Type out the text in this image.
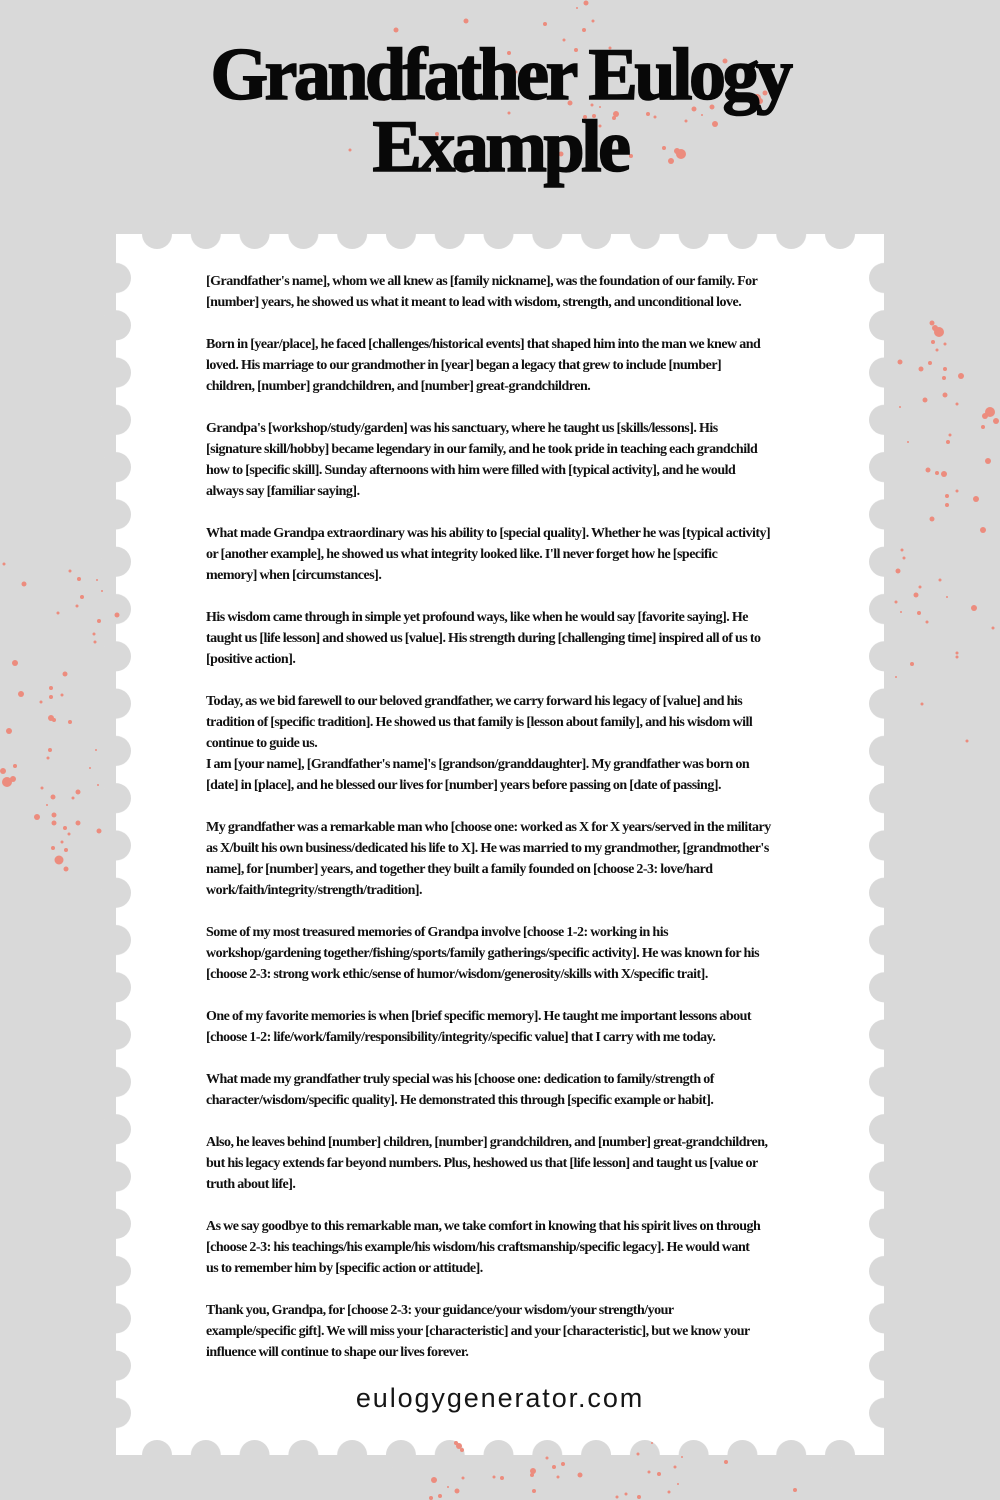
Grandfather Eulogy
Example
[Grandfather's name], whom we all knew as [family nickname], was the foundation of our family. For
[number] years, he showed us what it meant to lead with wisdom, strength, and unconditional love.
Born in [year/place], he faced [challenges/historical events] that shaped him into the man we knew and
loved. His marriage to our grandmother in [year] began a legacy that grew to include [number]
children, [number] grandchildren, and [number] great-grandchildren.
Grandpa's [workshop/study/garden] was his sanctuary, where he taught us [skills/lessons]. His
[signature skill/hobby] became legendary in our family, and he took pride in teaching each grandchild
how to [specific skill]. Sunday afternoons with him were filled with [typical activity], and he would
always say [familiar saying].
What made Grandpa extraordinary was his ability to [special quality]. Whether he was [typical activity]
or [another example], he showed us what integrity looked like. I'll never forget how he [specific
memory] when [circumstances].
His wisdom came through in simple yet profound ways, like when he would say [favorite saying]. He
taught us [life lesson] and showed us [value]. His strength during [challenging time] inspired all of us to
[positive action].
Today, as we bid farewell to our beloved grandfather, we carry forward his legacy of [value] and his
tradition of [specific tradition]. He showed us that family is [lesson about family], and his wisdom will
continue to guide us.
I am [your name], [Grandfather's name]'s [grandson/granddaughter]. My grandfather was born on
[date] in [place], and he blessed our lives for [number] years before passing on [date of passing].
My grandfather was a remarkable man who [choose one: worked as X for X years/served in the military
as X/built his own business/dedicated his life to X]. He was married to my grandmother, [grandmother's
name], for [number] years, and together they built a family founded on [choose 2-3: love/hard
work/faith/integrity/strength/tradition].
Some of my most treasured memories of Grandpa involve [choose 1-2: working in his
workshop/gardening together/fishing/sports/family gatherings/specific activity]. He was known for his
[choose 2-3: strong work ethic/sense of humor/wisdom/generosity/skills with X/specific trait].
One of my favorite memories is when [brief specific memory]. He taught me important lessons about
[choose 1-2: life/work/family/responsibility/integrity/specific value] that I carry with me today.
What made my grandfather truly special was his [choose one: dedication to family/strength of
character/wisdom/specific quality]. He demonstrated this through [specific example or habit].
Also, he leaves behind [number] children, [number] grandchildren, and [number] great-grandchildren,
but his legacy extends far beyond numbers. Plus, heshowed us that [life lesson] and taught us [value or
truth about life].
As we say goodbye to this remarkable man, we take comfort in knowing that his spirit lives on through
[choose 2-3: his teachings/his example/his wisdom/his craftsmanship/specific legacy]. He would want
us to remember him by [specific action or attitude].
Thank you, Grandpa, for [choose 2-3: your guidance/your wisdom/your strength/your
example/specific gift]. We will miss your [characteristic] and your [characteristic], but we know your
influence will continue to shape our lives forever.
eulogygenerator.com
